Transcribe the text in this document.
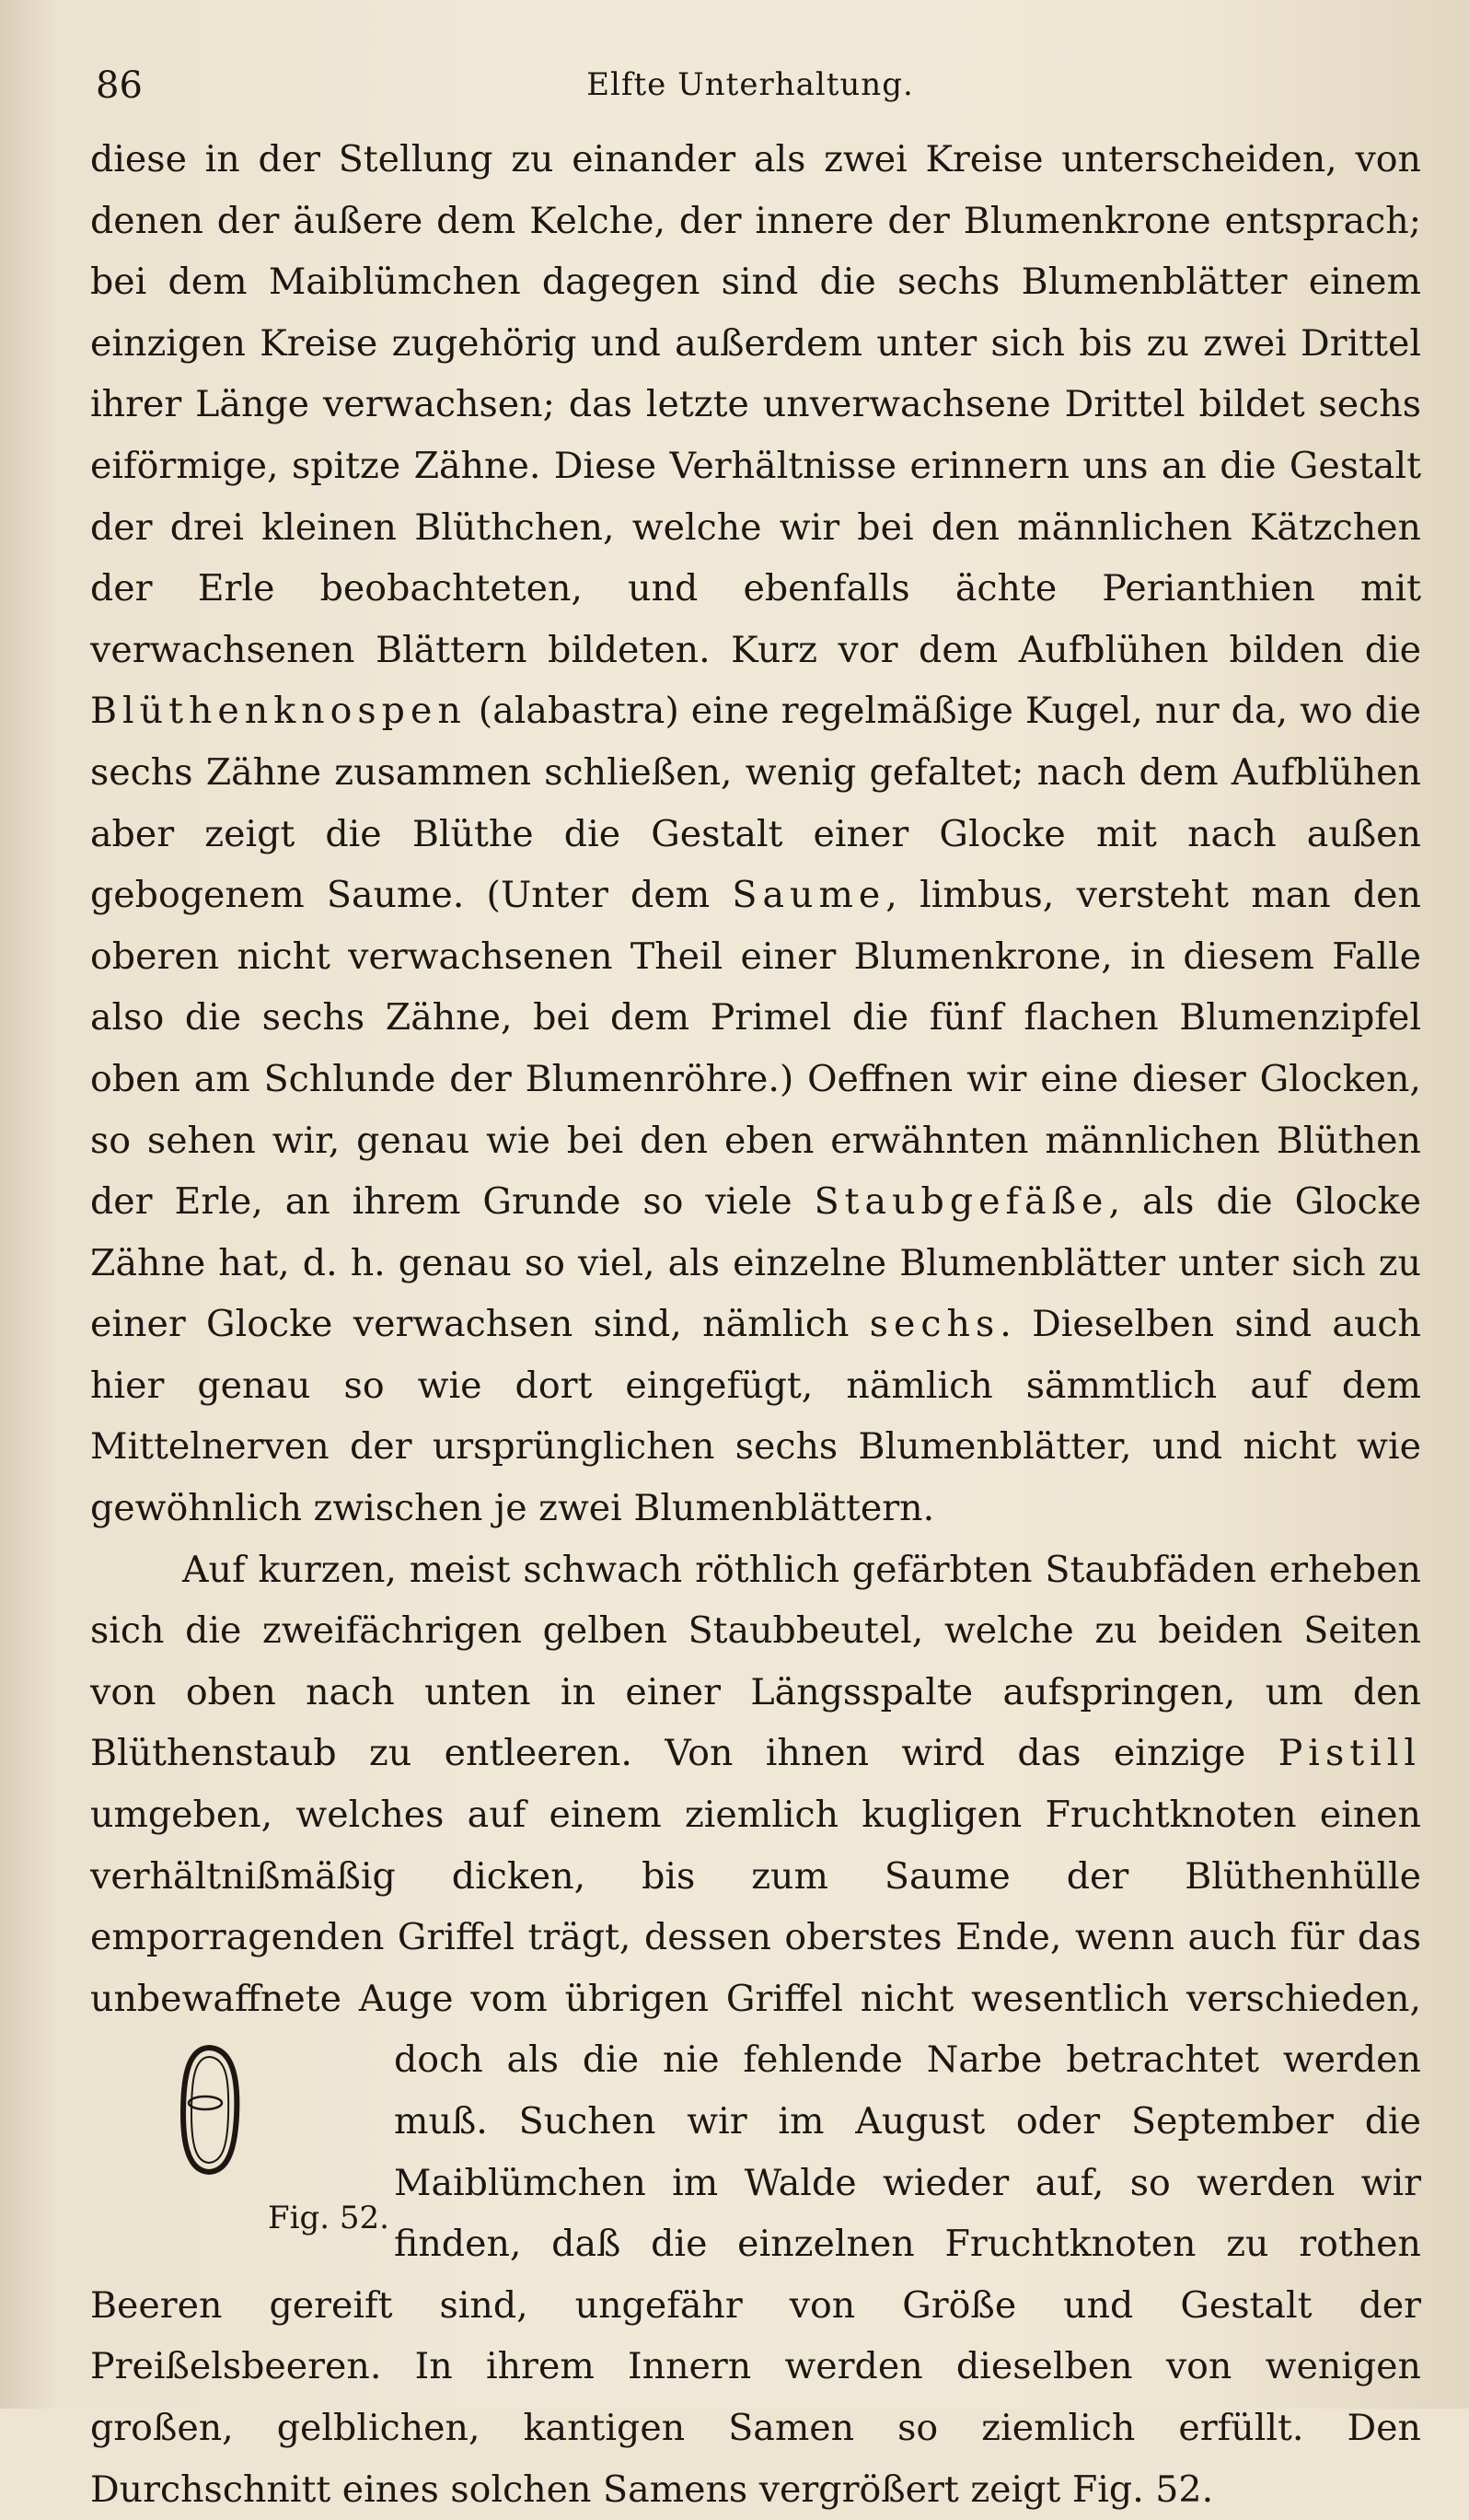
86	Elfte Unterhaltung.

diese in der Stellung zu einander als zwei Kreise unterscheiden, von denen der äußere dem Kelche, der innere der Blumenkrone entsprach; bei dem Maiblümchen dagegen sind die sechs Blumenblätter einem einzigen Kreise zugehörig und außerdem unter sich bis zu zwei Drittel ihrer Länge verwachsen; das letzte unverwachsene Drittel bildet sechs eiförmige, spitze Zähne. Diese Verhältnisse erinnern uns an die Gestalt der drei kleinen Blüthchen, welche wir bei den männlichen Kätzchen der Erle beobachteten, und ebenfalls ächte Perianthien mit verwachsenen Blättern bildeten. Kurz vor dem Aufblühen bilden die Blüthenknospen (alabastra) eine regelmäßige Kugel, nur da, wo die sechs Zähne zusammen schließen, wenig gefaltet; nach dem Aufblühen aber zeigt die Blüthe die Gestalt einer Glocke mit nach außen gebogenem Saume. (Unter dem Saume, limbus, versteht man den oberen nicht verwachsenen Theil einer Blumenkrone, in diesem Falle also die sechs Zähne, bei dem Primel die fünf flachen Blumenzipfel oben am Schlunde der Blumenröhre.) Oeffnen wir eine dieser Glocken, so sehen wir, genau wie bei den eben erwähnten männlichen Blüthen der Erle, an ihrem Grunde so viele Staubgefäße, als die Glocke Zähne hat, d. h. genau so viel, als einzelne Blumenblätter unter sich zu einer Glocke verwachsen sind, nämlich sechs. Dieselben sind auch hier genau so wie dort eingefügt, nämlich sämmtlich auf dem Mittelnerven der ursprünglichen sechs Blumenblätter, und nicht wie gewöhnlich zwischen je zwei Blumenblättern.

Auf kurzen, meist schwach röthlich gefärbten Staubfäden erheben sich die zweifächrigen gelben Staubbeutel, welche zu beiden Seiten von oben nach unten in einer Längsspalte aufspringen, um den Blüthenstaub zu entleeren. Von ihnen wird das einzige Pistill umgeben, welches auf einem ziemlich kugligen Fruchtknoten einen verhältnißmäßig dicken, bis zum Saume der Blüthenhülle emporragenden Griffel trägt, dessen oberstes Ende, wenn auch für das unbewaffnete Auge vom übrigen Griffel nicht wesentlich verschieden, doch als die
Fig. 52.
nie fehlende Narbe betrachtet werden muß. Suchen wir im August oder September die Maiblümchen im Walde wieder auf, so werden wir finden, daß die einzelnen Fruchtknoten zu rothen Beeren gereift sind, ungefähr von Größe und Gestalt der Preißelsbeeren. In ihrem Innern werden dieselben von wenigen großen, gelblichen, kantigen Samen so ziemlich erfüllt. Den Durchschnitt eines solchen Samens vergrößert zeigt Fig. 52.
